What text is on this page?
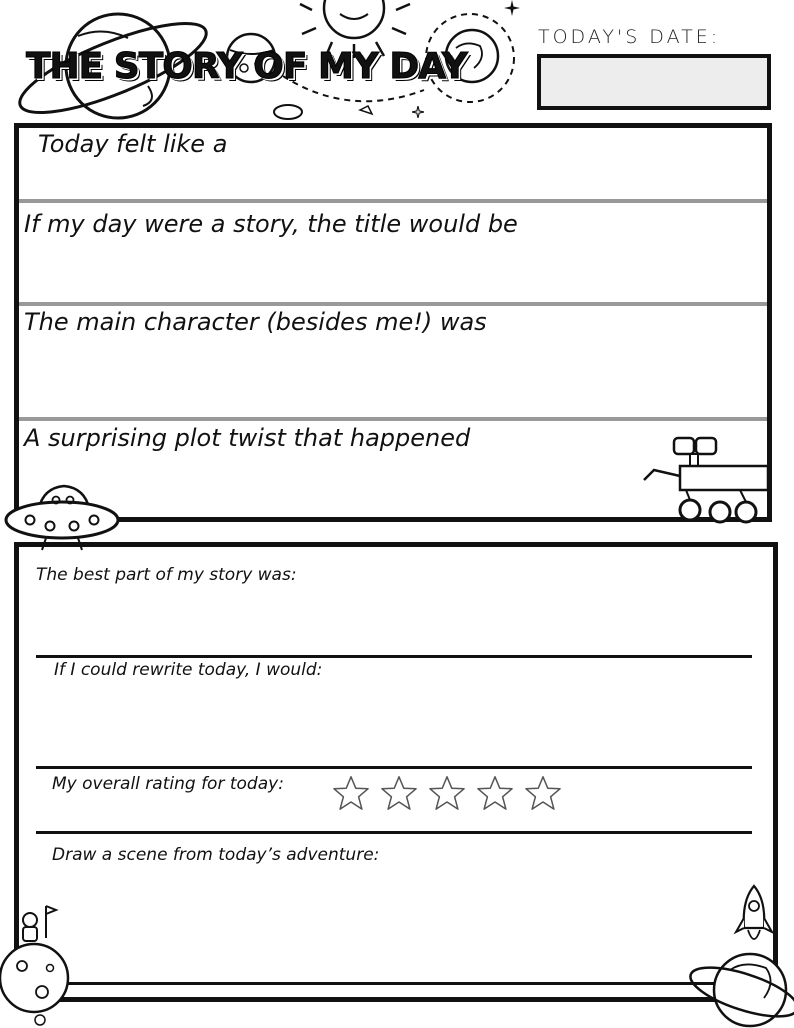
THE STORY OF MY DAY
TODAY'S DATE:
Today felt like a
If my day were a story, the title would be
The main character (besides me!) was
A surprising plot twist that happened
The best part of my story was:
If I could rewrite today, I would:
My overall rating for today:
Draw a scene from today’s adventure:
